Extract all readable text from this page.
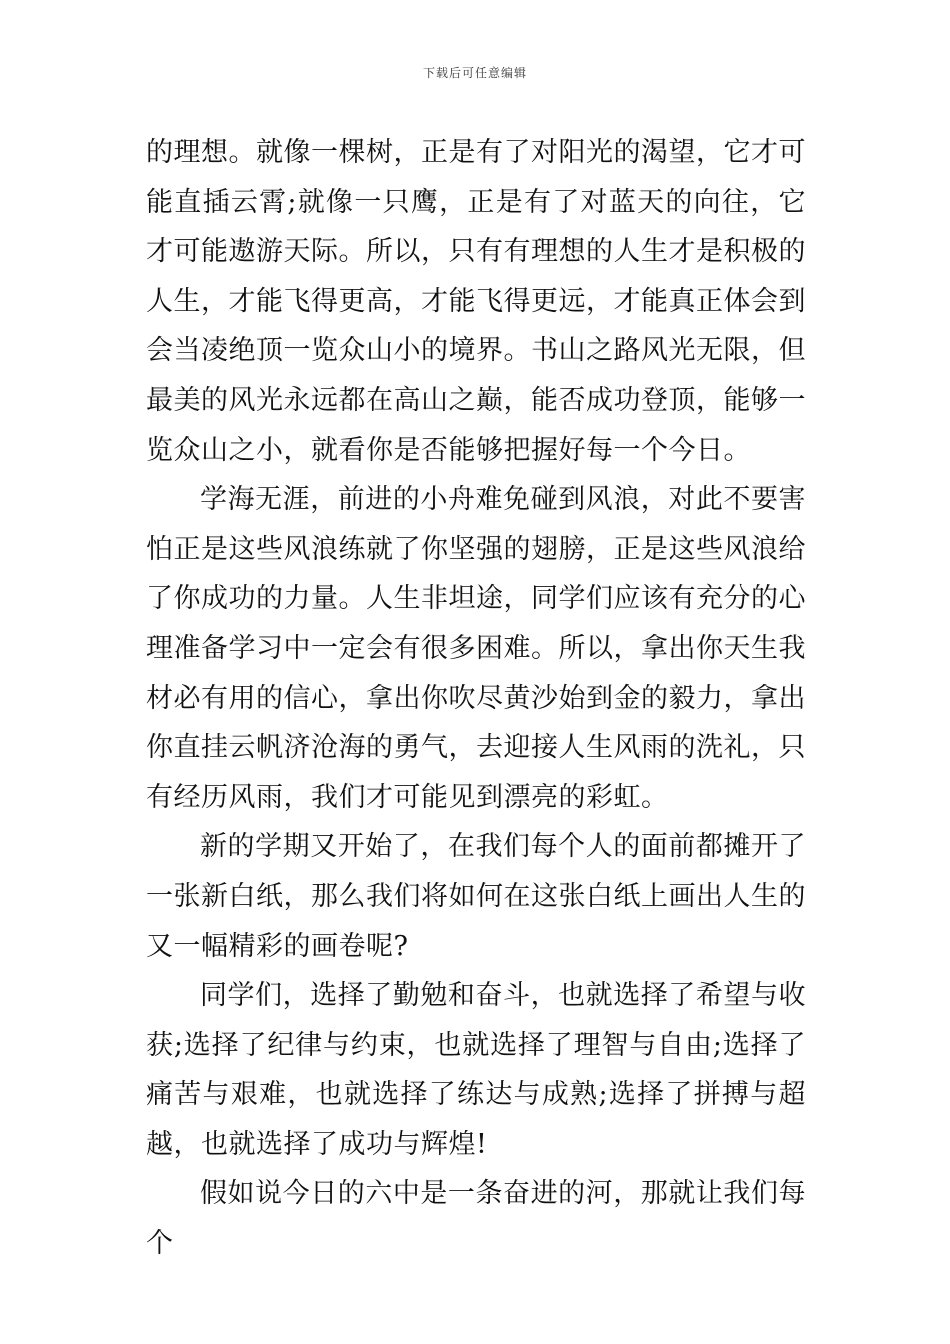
下载后可任意编辑

的理想。就像一棵树，正是有了对阳光的渴望，它才可能直插云霄;就像一只鹰，正是有了对蓝天的向往，它才可能遨游天际。所以，只有有理想的人生才是积极的人生，才能飞得更高，才能飞得更远，才能真正体会到会当凌绝顶一览众山小的境界。书山之路风光无限，但最美的风光永远都在高山之巅，能否成功登顶，能够一览众山之小，就看你是否能够把握好每一个今日。

学海无涯，前进的小舟难免碰到风浪，对此不要害怕正是这些风浪练就了你坚强的翅膀，正是这些风浪给了你成功的力量。人生非坦途，同学们应该有充分的心理准备学习中一定会有很多困难。所以，拿出你天生我材必有用的信心，拿出你吹尽黄沙始到金的毅力，拿出你直挂云帆济沧海的勇气，去迎接人生风雨的洗礼，只有经历风雨，我们才可能见到漂亮的彩虹。

新的学期又开始了，在我们每个人的面前都摊开了一张新白纸，那么我们将如何在这张白纸上画出人生的又一幅精彩的画卷呢?

同学们，选择了勤勉和奋斗，也就选择了希望与收获;选择了纪律与约束，也就选择了理智与自由;选择了痛苦与艰难，也就选择了练达与成熟;选择了拼搏与超越，也就选择了成功与辉煌!

假如说今日的六中是一条奋进的河，那就让我们每个
